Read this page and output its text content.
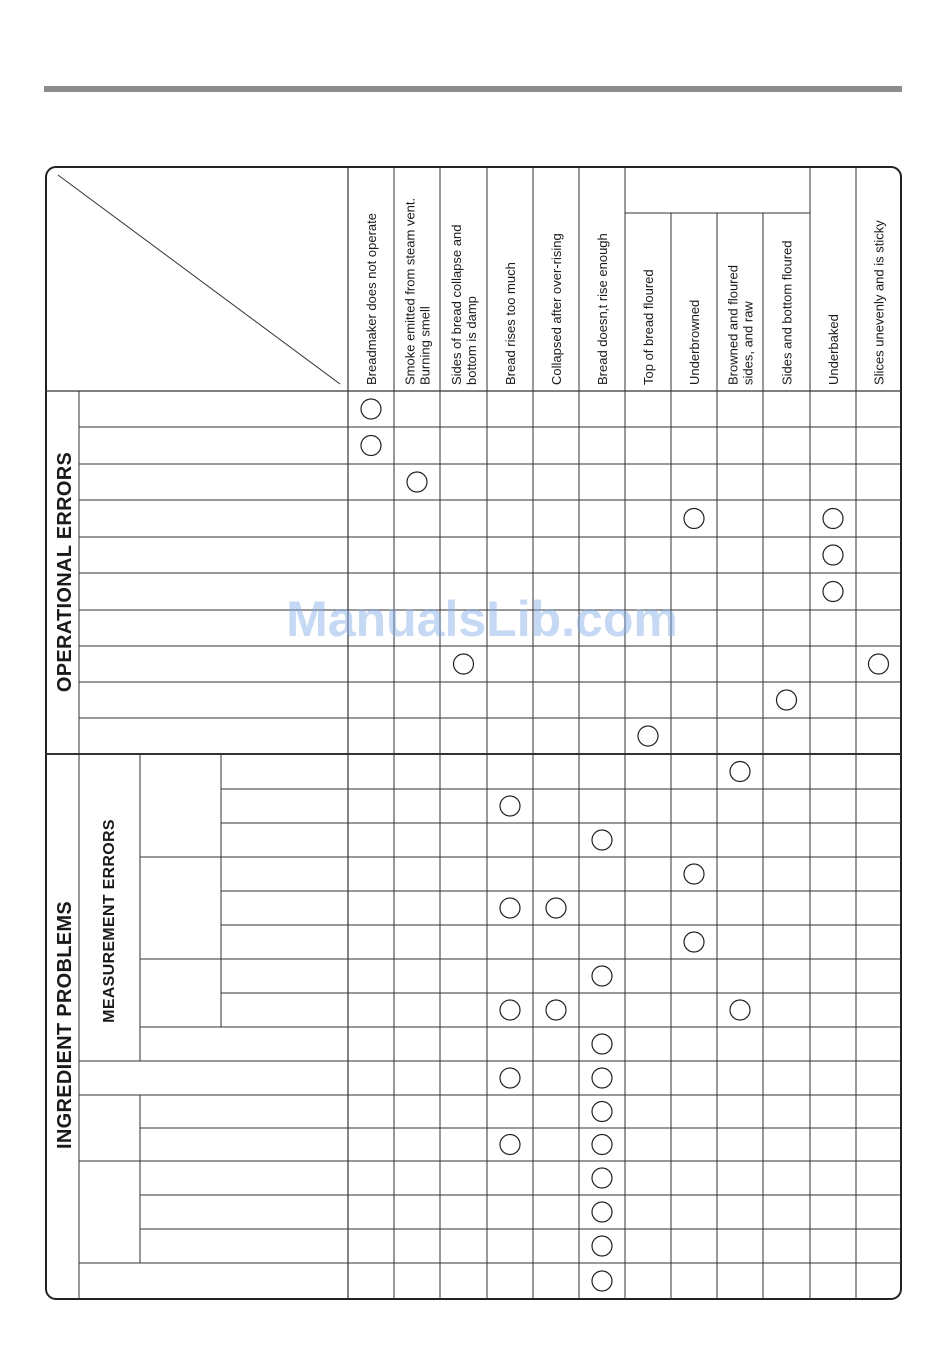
Breadmaker does not operate Smoke emitted from steam vent. Burning smell Sides of bread collapse and bottom is damp Bread rises too much Collapsed after over-rising Bread doesn‚t rise enough Top of bread floured Underbrowned Browned and floured sides, and raw Sides and bottom floured Underbaked Slices unevenly and is sticky
OPERATIONAL ERRORS
INGREDIENT PROBLEMS MEASUREMENT ERRORS
ManualsLib.com
